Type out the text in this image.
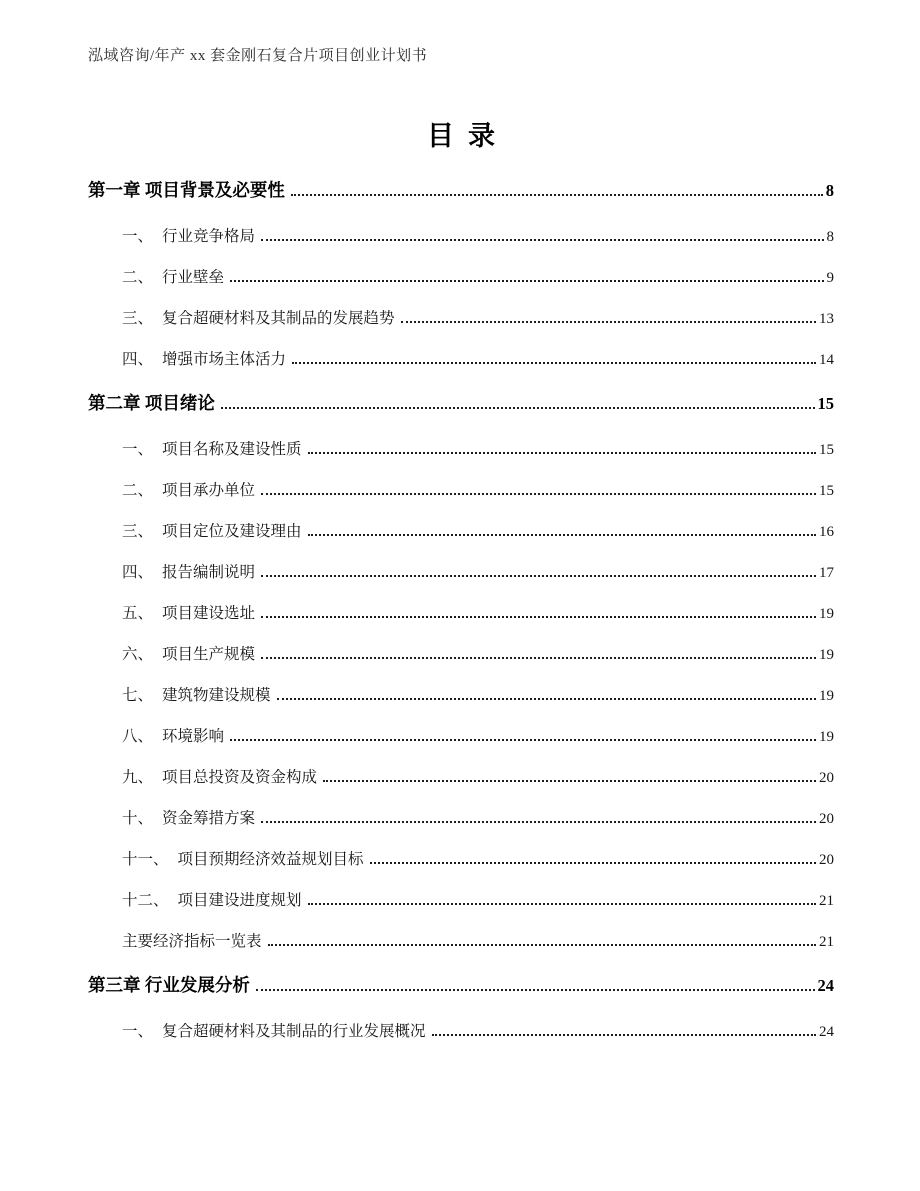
泓域咨询/年产 xx 套金刚石复合片项目创业计划书
目录
第一章 项目背景及必要性	8
一、 行业竞争格局	8
二、 行业壁垒	9
三、 复合超硬材料及其制品的发展趋势	13
四、 增强市场主体活力	14
第二章 项目绪论	15
一、 项目名称及建设性质	15
二、 项目承办单位	15
三、 项目定位及建设理由	16
四、 报告编制说明	17
五、 项目建设选址	19
六、 项目生产规模	19
七、 建筑物建设规模	19
八、 环境影响	19
九、 项目总投资及资金构成	20
十、 资金筹措方案	20
十一、 项目预期经济效益规划目标	20
十二、 项目建设进度规划	21
主要经济指标一览表	21
第三章 行业发展分析	24
一、 复合超硬材料及其制品的行业发展概况	24
